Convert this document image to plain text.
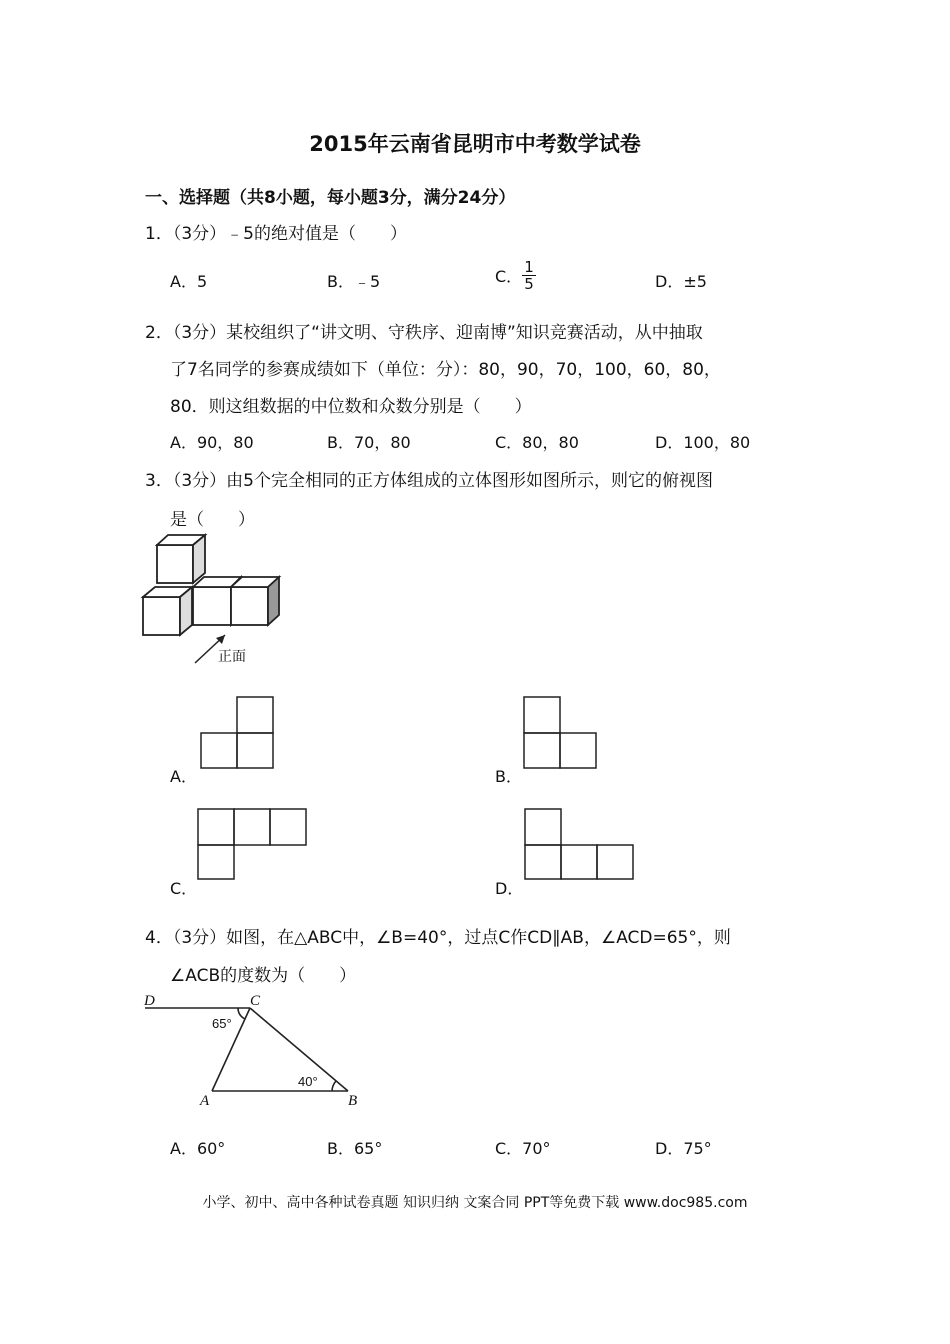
2015年云南省昆明市中考数学试卷
一、选择题（共8小题，每小题3分，满分24分）
1．（3分）﹣5的绝对值是（　　）
A．5	B．﹣5	C． $\frac{1}{5}$	D．±5
2．（3分）某校组织了“讲文明、守秩序、迎南博”知识竞赛活动，从中抽取
了7名同学的参赛成绩如下（单位：分）：80，90，70，100，60，80，
80．则这组数据的中位数和众数分别是（　　）
A．90，80	B．70，80	C．80，80	D．100，80
3．（3分）由5个完全相同的正方体组成的立体图形如图所示，则它的俯视图
是（　　）
正面
A．	B．
C．	D．
4．（3分）如图，在△ABC中，∠B=40°，过点C作CD∥AB，∠ACD=65°，则
∠ACB的度数为（　　）
D	C
A	B
65°
40°
A．60°	B．65°	C．70°	D．75°
小学、初中、高中各种试卷真题 知识归纳 文案合同 PPT等免费下载 www.doc985.com
